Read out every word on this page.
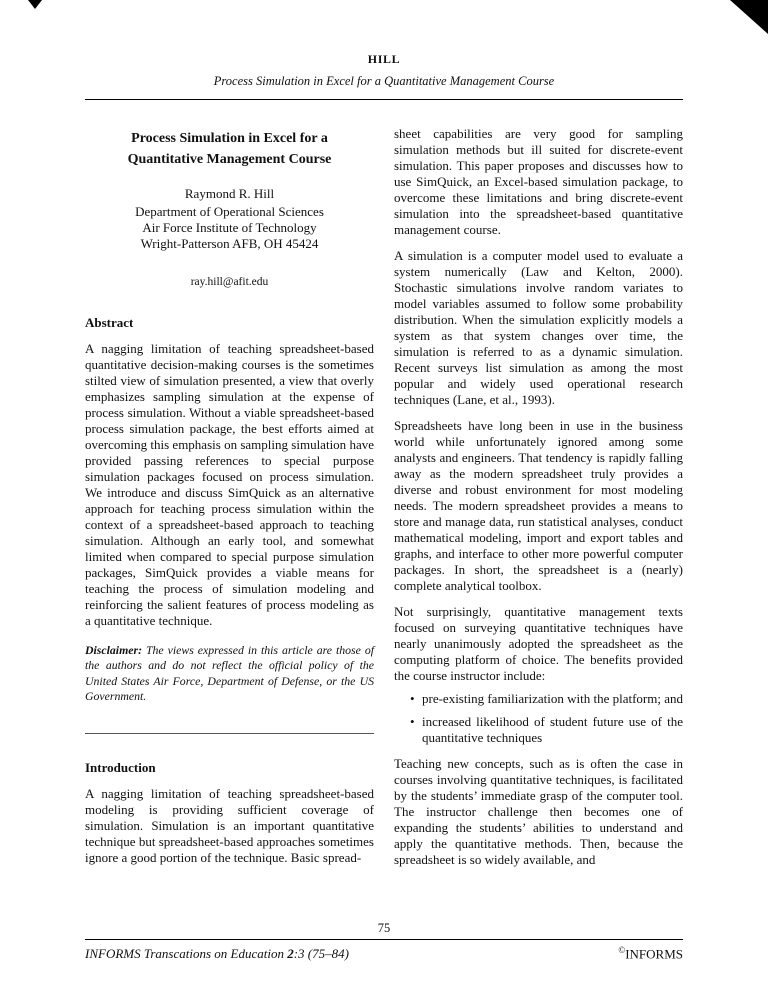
HILL
Process Simulation in Excel for a Quantitative Management Course
Process Simulation in Excel for a Quantitative Management Course
Raymond R. Hill
Department of Operational Sciences
Air Force Institute of Technology
Wright-Patterson AFB, OH 45424
ray.hill@afit.edu
Abstract
A nagging limitation of teaching spreadsheet-based quantitative decision-making courses is the sometimes stilted view of simulation presented, a view that overly emphasizes sampling simulation at the expense of process simulation. Without a viable spreadsheet-based process simulation package, the best efforts aimed at overcoming this emphasis on sampling simulation have provided passing references to special purpose simulation packages focused on process simulation. We introduce and discuss SimQuick as an alternative approach for teaching process simulation within the context of a spreadsheet-based approach to teaching simulation. Although an early tool, and somewhat limited when compared to special purpose simulation packages, SimQuick provides a viable means for teaching the process of simulation modeling and reinforcing the salient features of process modeling as a quantitative technique.
Disclaimer: The views expressed in this article are those of the authors and do not reflect the official policy of the United States Air Force, Department of Defense, or the US Government.
Introduction
A nagging limitation of teaching spreadsheet-based modeling is providing sufficient coverage of simulation. Simulation is an important quantitative technique but spreadsheet-based approaches sometimes ignore a good portion of the technique. Basic spread-
sheet capabilities are very good for sampling simulation methods but ill suited for discrete-event simulation. This paper proposes and discusses how to use SimQuick, an Excel-based simulation package, to overcome these limitations and bring discrete-event simulation into the spreadsheet-based quantitative management course.
A simulation is a computer model used to evaluate a system numerically (Law and Kelton, 2000). Stochastic simulations involve random variates to model variables assumed to follow some probability distribution. When the simulation explicitly models a system as that system changes over time, the simulation is referred to as a dynamic simulation. Recent surveys list simulation as among the most popular and widely used operational research techniques (Lane, et al., 1993).
Spreadsheets have long been in use in the business world while unfortunately ignored among some analysts and engineers. That tendency is rapidly falling away as the modern spreadsheet truly provides a diverse and robust environment for most modeling needs. The modern spreadsheet provides a means to store and manage data, run statistical analyses, conduct mathematical modeling, import and export tables and graphs, and interface to other more powerful computer packages. In short, the spreadsheet is a (nearly) complete analytical toolbox.
Not surprisingly, quantitative management texts focused on surveying quantitative techniques have nearly unanimously adopted the spreadsheet as the computing platform of choice. The benefits provided the course instructor include:
• pre-existing familiarization with the platform; and
• increased likelihood of student future use of the quantitative techniques
Teaching new concepts, such as is often the case in courses involving quantitative techniques, is facilitated by the students’ immediate grasp of the computer tool. The instructor challenge then becomes one of expanding the students’ abilities to understand and apply the quantitative methods. Then, because the spreadsheet is so widely available, and
75
INFORMS Transcations on Education 2:3 (75–84)	©INFORMS
